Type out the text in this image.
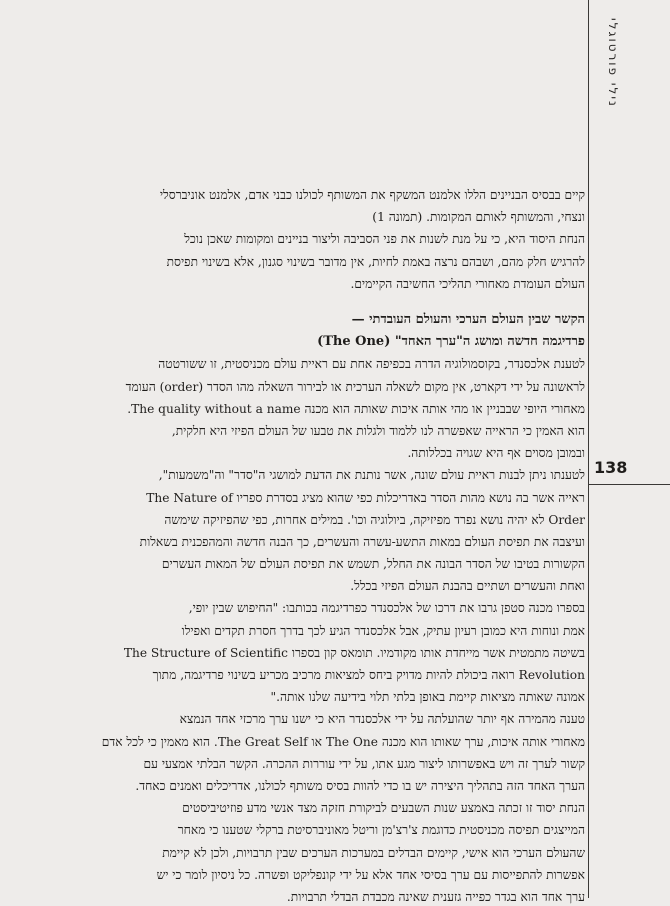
נילי פורטוגלי
138
קיים בבסיס הבניינים הללו אלמנט המשקף את המשותף לכולנו כבני אדם, אלמנט אוניברסלי
ונצחי, והמשותף לאותם המקומות. (תמונה 1)
הנחת היסוד היא, כי על מנת לשנות את פני הסביבה וליצור בניינים ומקומות שאכן נוכל
להרגיש חלק מהם, ושבהם נרצה באמת לחיות, אין מדובר בשינוי סגנון, אלא בשינוי תפיסת
העולם העומדת מאחורי תהליכי החשיבה הקיימים.
הקשר שבין העולם הערכי והעולם העובדתי —
פרדיגמה חדשה ומושג ה"ערך האחד" (The One)
לטענת אלכסנדר, בקוסמולוגיה הדרה בכפיפה אחת עם ראיית עולם מכניסטית, זו ששורטטה
לראשונה על ידי דקארט, אין מקום לשאלה הערכית או לבירור השאלה מהו הסדר (order) העומד
מאחורי היופי שבבניין או מהי אותה איכות שאותה הוא מכנה The quality without a name.
הוא האמין כי הראייה שאפשרה לנו ללמוד ולגלות את טבעו של העולם הפיזי היא חלקית,
ובמובן מסוים אף היא שגויה בכללותה.
לטענתו ניתן לבנות ראיית עולם שונה, אשר נותנת את הדעת למושגי ה"סדר" וה"משמעות",
ראייה אשר בה נושא מהות הסדר באדריכלות כפי שהוא מציג בסדרת ספריו The Nature of
Order לא יהיה נושא נפרד מפיזיקה, ביולוגיה וכו'. במילים אחרות, כפי שהפיזיקה שימשה
ועיצבה את תפיסת העולם במאות התשע-עשרה והעשרים, כך הבנה חדשה והמהפכנית בשאלות
הקשורות בטיבו של הסדר הבונה את החלל, תשמש את תפיסת העולם של המאות העשרים
ואחת והעשרים ושתיים בהבנת העולם הפיזי בכלל.
בספרו מכנה סטפן גרבו את דרכו של אלכסנדר כפרדיגמה בכותבו: "החיפוש שבין יופי,
אמת ונוחות היא כמובן רעיון עתיק, אבל אלכסנדר הגיע לכך בדרך חסרת תקדים ואפילו
בשיטה מתמטית אשר מייחדת אותו מקודמיו. תומאס קון בספרו The Structure of Scientific
Revolution רואה ביכולת להיות מדויק ביחס למציאות מרכיב מכריע בשינוי פרדיגמה, מתוך
אמונה שאותה מציאות קיימת באופן בלתי תלוי בידיעה שלנו אותה."
טענה מהמירה אף יותר שהועלתה על ידי אלכסנדר היא כי ישנו ערך מרכזי אחד הנמצא
מאחורי אותה איכות, ערך שאותו הוא מכנה The One או The Great Self. הוא מאמין כי לכל אדם
קשור לערך זה ויש באפשרותו ליצור מגע אתו, על ידי עוררות ההכרה. הקשר הבלתי אמצעי עם
הערך האחד הזה בתהליך היצירה יש בו כדי להוות בסיס משותף לכולנו, אדריכלים ואמנים כאחד.
הנחת יסוד זו זכתה באמצע שנות השבעים לביקורת חזקה מצד אנשי מדע פוזיטיביסטים
המייצגים תפיסה מכניסטית כדוגמת צ'רצ'מן וריטל מאוניברסיטת ברקלי שטענו כי מאחר
שהעולם הערכי הוא אישי, קיימים הבדלים במערכות הערכים שבין תרבויות, ולכן לא קיימת
אפשרות להתפייסות עם ערך בסיסי אחד אלא על ידי קונפליקט ופשרה. כל ניסיון לומר כי יש
ערך אחד הוא בגדר כפייה גזענית שאינה מכבדת הבדלי תרבויות.
